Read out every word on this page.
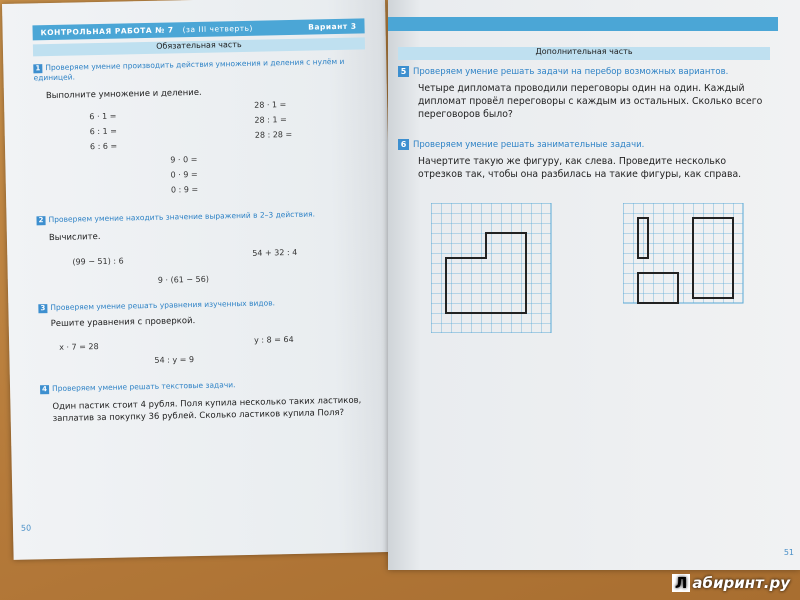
КОНТРОЛЬНАЯ РАБОТА № 7 (за III четверть)	Вариант 3
Обязательная часть
1 Проверяем умение производить действия умножения и деления с нулём и единицей.
Выполните умножение и деление.
6 · 1 =
6 : 1 =
6 : 6 =
28 · 1 =
28 : 1 =
28 : 28 =
9 · 0 =
0 · 9 =
0 : 9 =
2 Проверяем умение находить значение выражений в 2–3 действия.
Вычислите.
(99 − 51) : 6
54 + 32 : 4
9 · (61 − 56)
3 Проверяем умение решать уравнения изученных видов.
Решите уравнения с проверкой.
x · 7 = 28
y : 8 = 64
54 : y = 9
4 Проверяем умение решать текстовые задачи.
Один пастик стоит 4 рубля. Поля купила несколько таких ластиков, заплатив за покупку 36 рублей. Сколько ластиков купила Поля?
50
Дополнительная часть
5 Проверяем умение решать задачи на перебор возможных вариантов.
Четыре дипломата проводили переговоры один на один. Каждый дипломат провёл переговоры с каждым из остальных. Сколько всего переговоров было?
6 Проверяем умение решать занимательные задачи.
Начертите такую же фигуру, как слева. Проведите несколько отрезков так, чтобы она разбилась на такие фигуры, как справа.
51
Л абиринт.ру
